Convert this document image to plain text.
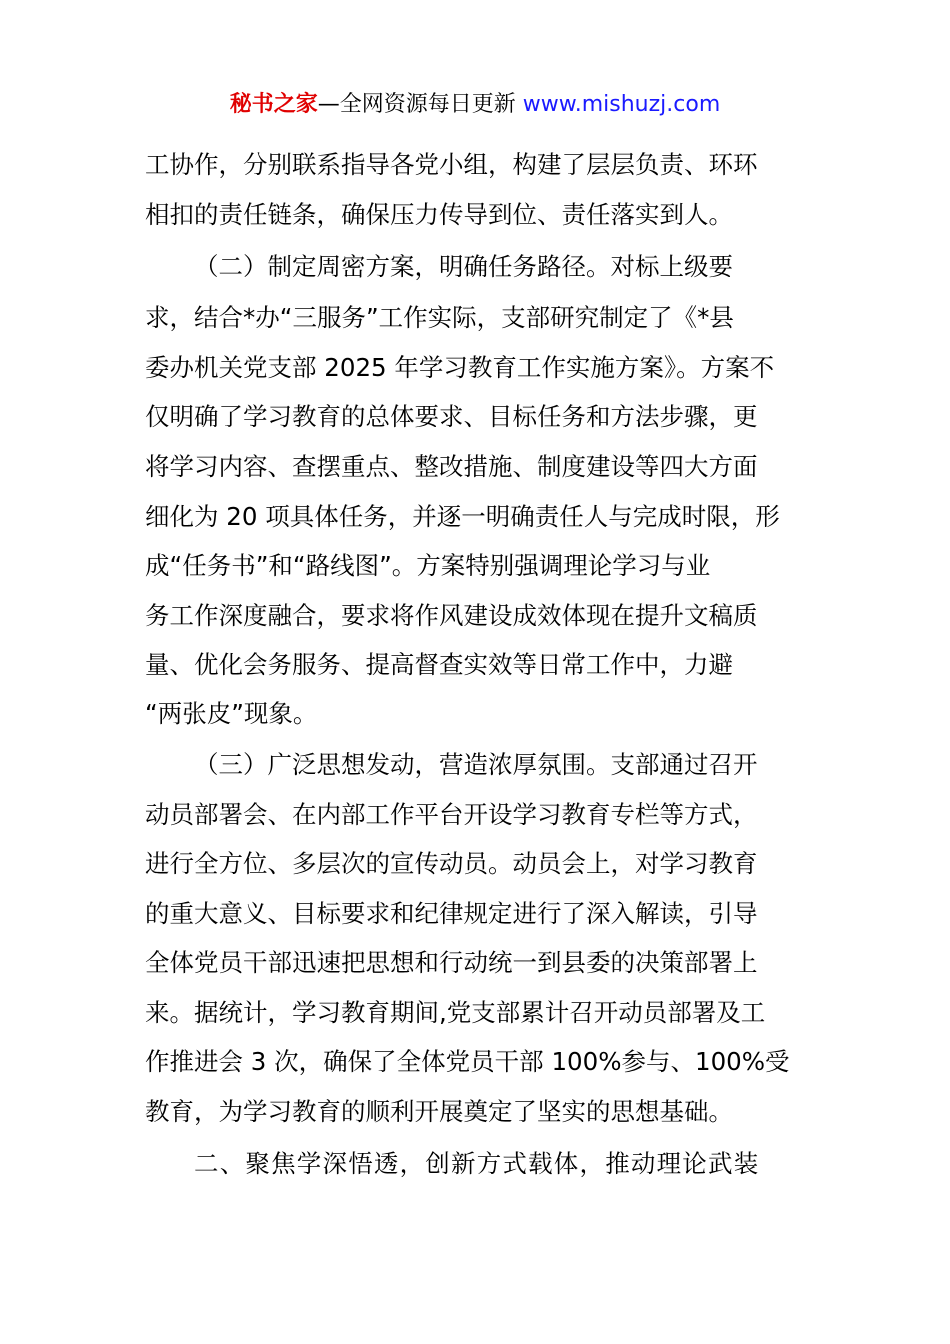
秘书之家—全网资源每日更新 www.mishuzj.com
工协作，分别联系指导各党小组，构建了层层负责、环环
相扣的责任链条，确保压力传导到位、责任落实到人。
（二）制定周密方案，明确任务路径。对标上级要
求，结合*办“三服务”工作实际，支部研究制定了《*县
委办机关党支部 2025 年学习教育工作实施方案》。方案不
仅明确了学习教育的总体要求、目标任务和方法步骤，更
将学习内容、查摆重点、整改措施、制度建设等四大方面
细化为 20 项具体任务，并逐一明确责任人与完成时限，形
成“任务书”和“路线图”。方案特别强调理论学习与业
务工作深度融合，要求将作风建设成效体现在提升文稿质
量、优化会务服务、提高督查实效等日常工作中，力避
“两张皮”现象。
（三）广泛思想发动，营造浓厚氛围。支部通过召开
动员部署会、在内部工作平台开设学习教育专栏等方式，
进行全方位、多层次的宣传动员。动员会上，对学习教育
的重大意义、目标要求和纪律规定进行了深入解读，引导
全体党员干部迅速把思想和行动统一到县委的决策部署上
来。据统计，学习教育期间,党支部累计召开动员部署及工
作推进会 3 次，确保了全体党员干部 100%参与、100%受
教育，为学习教育的顺利开展奠定了坚实的思想基础。
二、聚焦学深悟透，创新方式载体，推动理论武装
